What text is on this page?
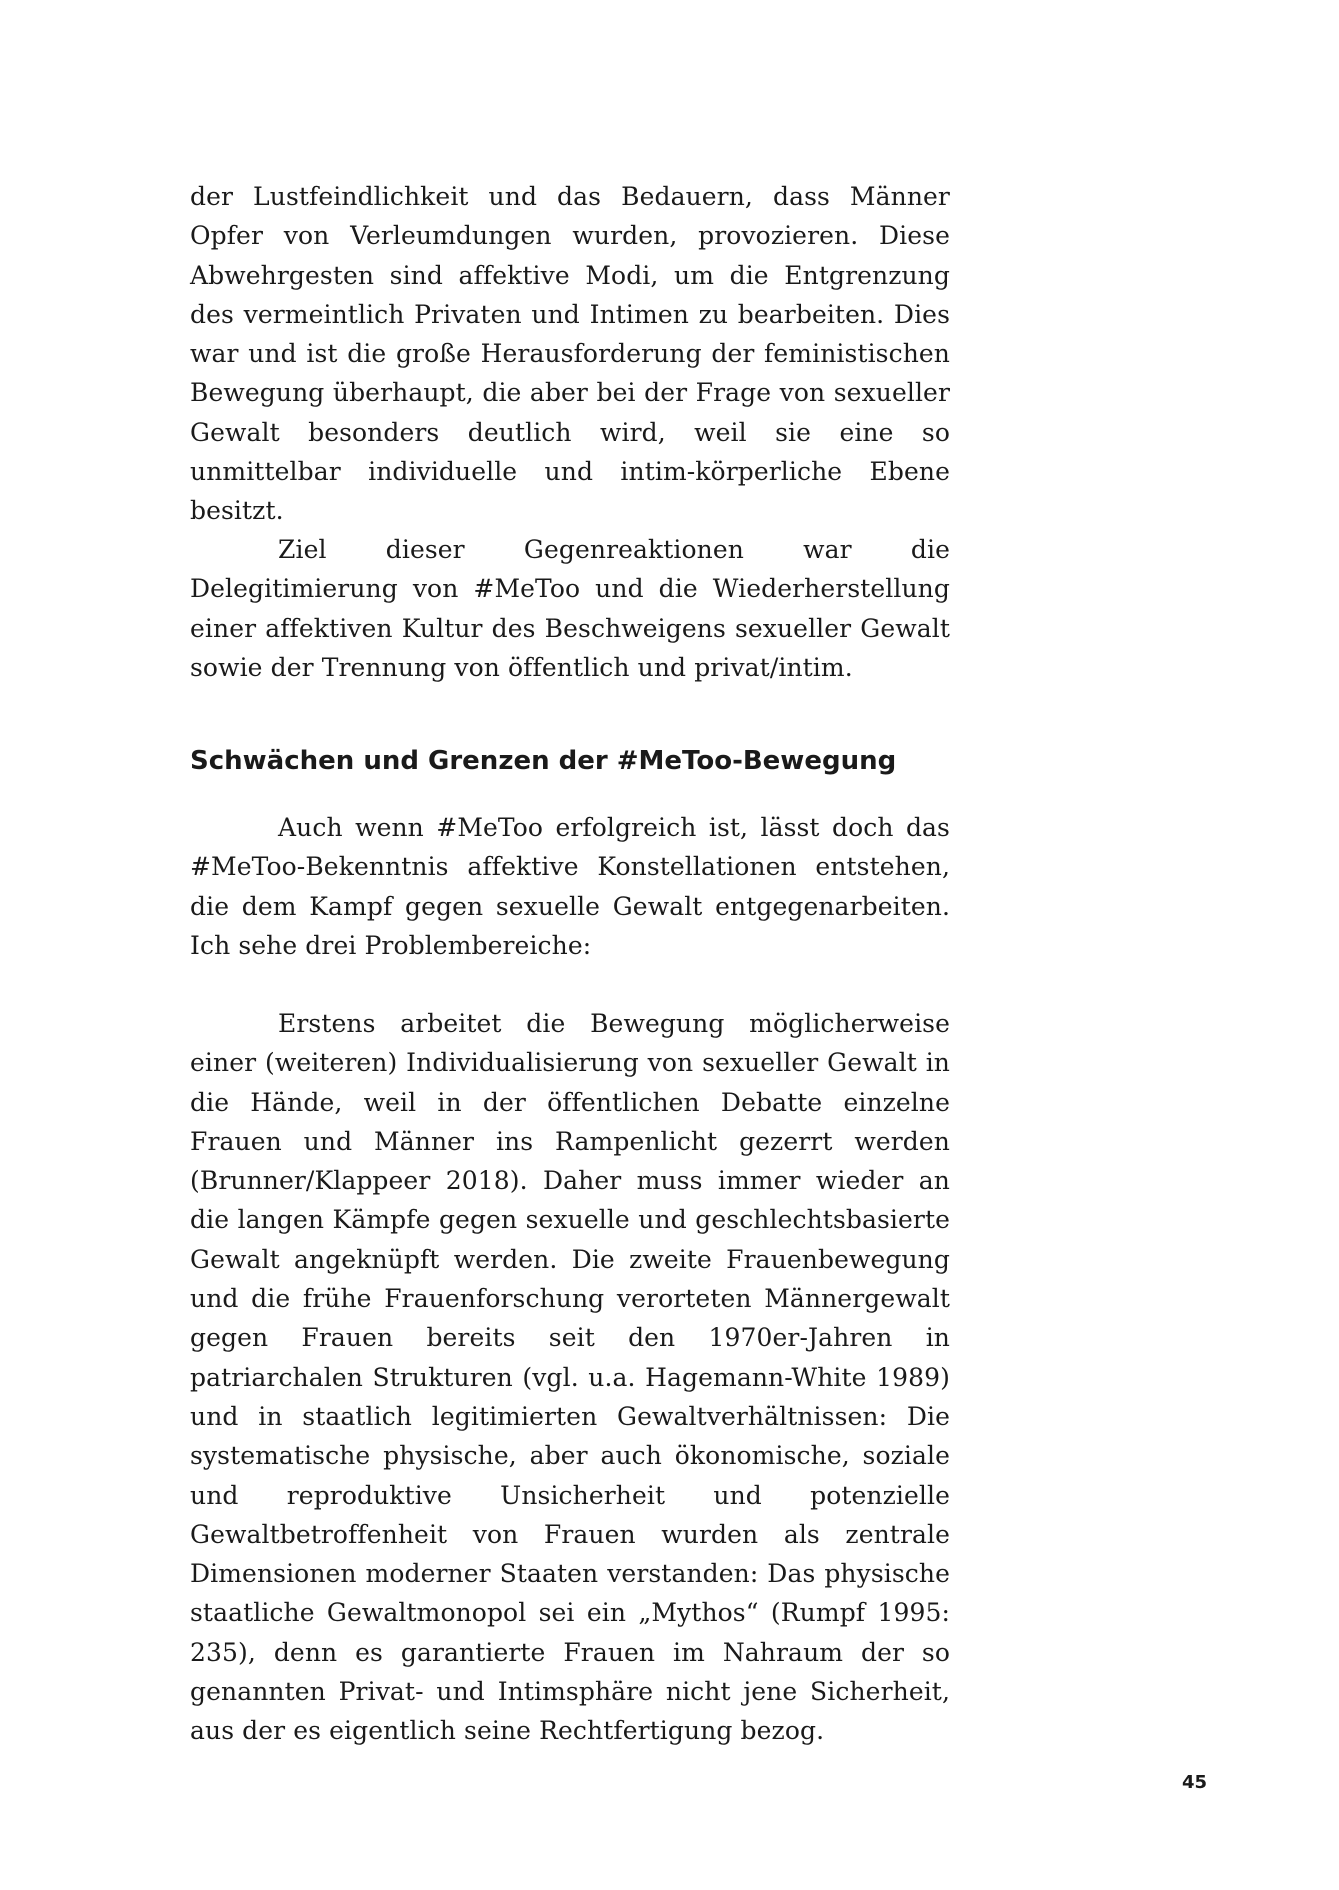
der Lustfeindlichkeit und das Bedauern, dass Männer Opfer von Verleumdungen wurden, provozieren. Diese Abwehrgesten sind affektive Modi, um die Entgrenzung des vermeintlich Privaten und Intimen zu bearbeiten. Dies war und ist die große Herausforderung der feministischen Bewegung überhaupt, die aber bei der Frage von sexueller Gewalt besonders deutlich wird, weil sie eine so unmittelbar individuelle und intim-körperliche Ebene besitzt.

Ziel dieser Gegenreaktionen war die Delegitimierung von #MeToo und die Wiederherstellung einer affektiven Kultur des Beschweigens sexueller Gewalt sowie der Trennung von öffentlich und privat/intim.

Schwächen und Grenzen der #MeToo-Bewegung

Auch wenn #MeToo erfolgreich ist, lässt doch das #MeToo-Bekenntnis affektive Konstellationen entstehen, die dem Kampf gegen sexuelle Gewalt entgegenarbeiten. Ich sehe drei Problembereiche:

Erstens arbeitet die Bewegung möglicherweise einer (weiteren) Individualisierung von sexueller Gewalt in die Hände, weil in der öffentlichen Debatte einzelne Frauen und Männer ins Rampenlicht gezerrt werden (Brunner/Klappeer 2018). Daher muss immer wieder an die langen Kämpfe gegen sexuelle und geschlechtsbasierte Gewalt angeknüpft werden. Die zweite Frauenbewegung und die frühe Frauenforschung verorteten Männergewalt gegen Frauen bereits seit den 1970er-Jahren in patriarchalen Strukturen (vgl. u.a. Hagemann-White 1989) und in staatlich legitimierten Gewaltverhältnissen: Die systematische physische, aber auch ökonomische, soziale und reproduktive Unsicherheit und potenzielle Gewaltbetroffenheit von Frauen wurden als zentrale Dimensionen moderner Staaten verstanden: Das physische staatliche Gewaltmonopol sei ein „Mythos“ (Rumpf 1995: 235), denn es garantierte Frauen im Nahraum der so genannten Privat- und Intimsphäre nicht jene Sicherheit, aus der es eigentlich seine Rechtfertigung bezog.

45
